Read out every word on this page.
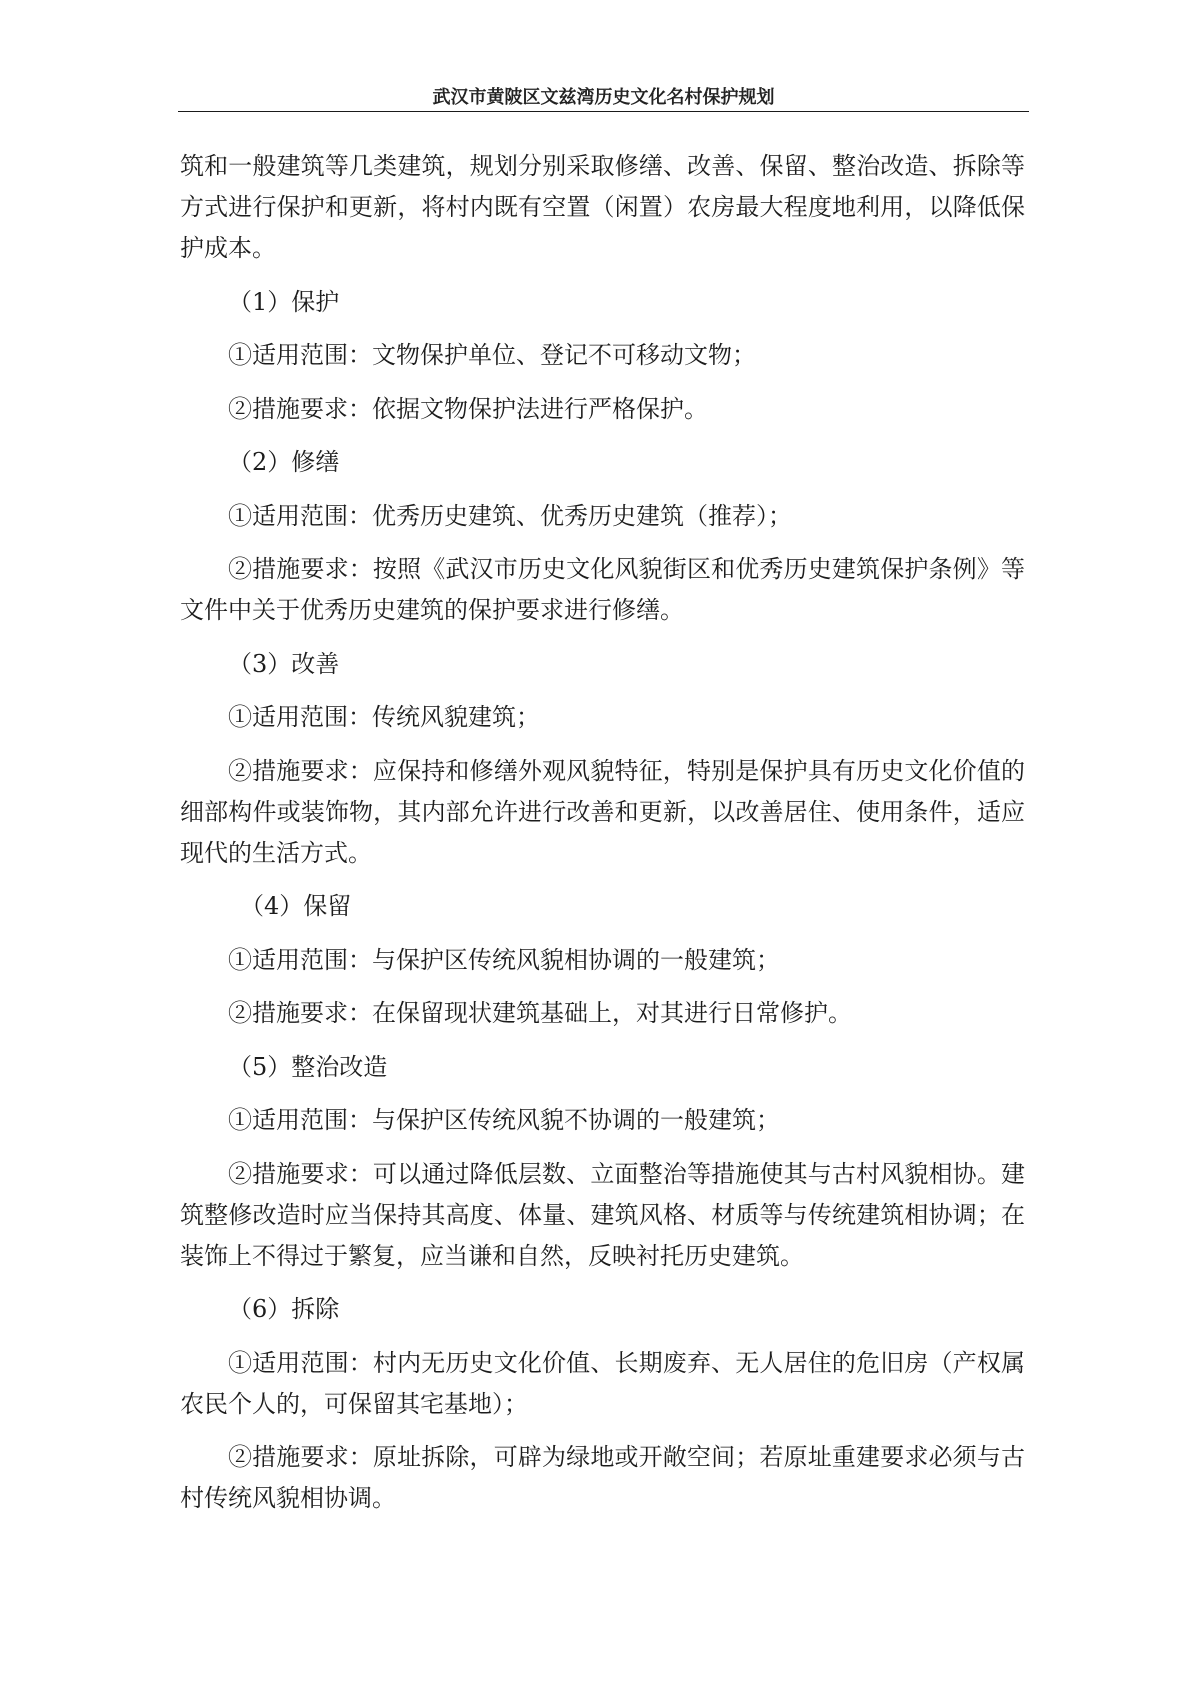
武汉市黄陂区文兹湾历史文化名村保护规划
筑和一般建筑等几类建筑，规划分别采取修缮、改善、保留、整治改造、拆除等
方式进行保护和更新，将村内既有空置（闲置）农房最大程度地利用，以降低保
护成本。
（1）保护
①适用范围：文物保护单位、登记不可移动文物；
②措施要求：依据文物保护法进行严格保护。
（2）修缮
①适用范围：优秀历史建筑、优秀历史建筑（推荐）；
②措施要求：按照《武汉市历史文化风貌街区和优秀历史建筑保护条例》等
文件中关于优秀历史建筑的保护要求进行修缮。
（3）改善
①适用范围：传统风貌建筑；
②措施要求：应保持和修缮外观风貌特征，特别是保护具有历史文化价值的
细部构件或装饰物，其内部允许进行改善和更新，以改善居住、使用条件，适应
现代的生活方式。
（4）保留
①适用范围：与保护区传统风貌相协调的一般建筑；
②措施要求：在保留现状建筑基础上，对其进行日常修护。
（5）整治改造
①适用范围：与保护区传统风貌不协调的一般建筑；
②措施要求：可以通过降低层数、立面整治等措施使其与古村风貌相协。建
筑整修改造时应当保持其高度、体量、建筑风格、材质等与传统建筑相协调；在
装饰上不得过于繁复，应当谦和自然，反映衬托历史建筑。
（6）拆除
①适用范围：村内无历史文化价值、长期废弃、无人居住的危旧房（产权属
农民个人的，可保留其宅基地）；
②措施要求：原址拆除，可辟为绿地或开敞空间；若原址重建要求必须与古
村传统风貌相协调。
